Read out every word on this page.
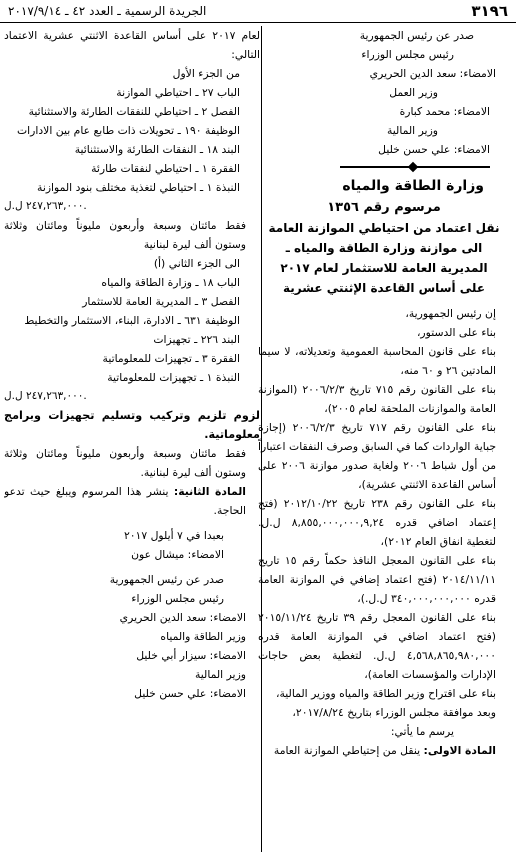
٣١٩٦
الجريدة الرسمية ـ العدد ٤٢ ـ ٢٠١٧/٩/١٤

صدر عن رئيس الجمهورية

رئيس مجلس الوزراء

الامضاء: سعد الدين الحريري

وزير العمل

الامضاء: محمد كبارة

وزير المالية

الامضاء: علي حسن خليل

وزارة الطاقة والمياه

مرسوم رقم ١٣٥٦

نقل اعتماد من احتياطي الموازنة العامة

الى موازنة وزارة الطاقة والمياه ـ

المديرية العامة للاستثمار لعام ٢٠١٧

على أساس القاعدة الإثنتي عشرية

إن رئيس الجمهورية،

بناء على الدستور،

بناء على قانون المحاسبة العمومية وتعديلاته، لا سيما المادتين ٢٦ و ٦٠ منه،

بناء على القانون رقم ٧١٥ تاريخ ٢٠٠٦/٢/٣ (الموازنة العامة والموازنات الملحقة لعام ٢٠٠٥)،

بناء على القانون رقم ٧١٧ تاريخ ٢٠٠٦/٢/٣ (إجازة جباية الواردات كما في السابق وصرف النفقات اعتباراً من أول شباط ٢٠٠٦ ولغاية صدور موازنة ٢٠٠٦ على أساس القاعدة الاثنتي عشرية)،

بناء على القانون رقم ٢٣٨ تاريخ ٢٠١٢/١٠/٢٢ (فتح إعتماد اضافي قدره ٨,٨٥٥,٠٠٠,٠٠٠,٩,٢٤ ل.ل. لتغطية انفاق العام ٢٠١٢)،

بناء على القانون المعجل النافذ حكماً رقم ١٥ تاريخ ٢٠١٤/١١/١١ (فتح اعتماد إضافي في الموازنة العامة قدره ٣٤٠,٠٠٠,٠٠٠,٠٠٠ ل.ل.)،

بناء على القانون المعجل رقم ٣٩ تاريخ ٢٠١٥/١١/٢٤ (فتح اعتماد اضافي في الموازنة العامة قدره ٤,٥٦٨,٨٦٥,٩٨٠,٠٠٠ ل.ل. لتغطية بعض حاجات الإدارات والمؤسسات العامة)،

بناء على اقتراح وزير الطاقة والمياه ووزير المالية،

وبعد موافقة مجلس الوزراء بتاريخ ٢٠١٧/٨/٢٤،

يرسم ما يأتي:

المادة الاولى: ينقل من إحتياطي الموازنة العامة

لعام ٢٠١٧ على أساس القاعدة الاثنتي عشرية الاعتماد التالي:

من الجزء الأول

الباب ٢٧ ـ احتياطي الموازنة

الفصل ٢ ـ احتياطي للنفقات الطارئة والاستثنائية

الوظيفة ١٩٠ ـ تحويلات ذات طابع عام بين الادارات

البند ١٨ ـ النفقات الطارئة والاستثنائية

الفقرة ١ ـ احتياطي لنفقات طارئة

النبذة ١ ـ احتياطي لتغذية مختلف بنود الموازنة

٢٤٧,٢٦٣,٠٠٠ ل.ل.

فقط مائتان وسبعة وأربعون مليوناً ومائتان وثلاثة وستون ألف ليرة لبنانية

الى الجزء الثاني (أ)

الباب ١٨ ـ وزارة الطاقة والمياه

الفصل ٣ ـ المديرية العامة للاستثمار

الوظيفة ٦٣١ ـ الادارة، البناء، الاستثمار والتخطيط

البند ٢٢٦ ـ تجهيزات

الفقرة ٣ ـ تجهيزات للمعلوماتية

النبذة ١ ـ تجهيزات للمعلوماتية

٢٤٧,٢٦٣,٠٠٠ ل.ل.

لزوم تلزيم وتركيب وتسليم تجهيزات وبرامج معلوماتية.

فقط مائتان وسبعة وأربعون مليوناً ومائتان وثلاثة وستون ألف ليرة لبنانية.

المادة الثانية: ينشر هذا المرسوم ويبلغ حيث تدعو الحاجة.

بعبدا في ٧ أيلول ٢٠١٧

الامضاء: ميشال عون

صدر عن رئيس الجمهورية

رئيس مجلس الوزراء

الامضاء: سعد الدين الحريري

وزير الطاقة والمياه

الامضاء: سيزار أبي خليل

وزير المالية

الامضاء: علي حسن خليل
